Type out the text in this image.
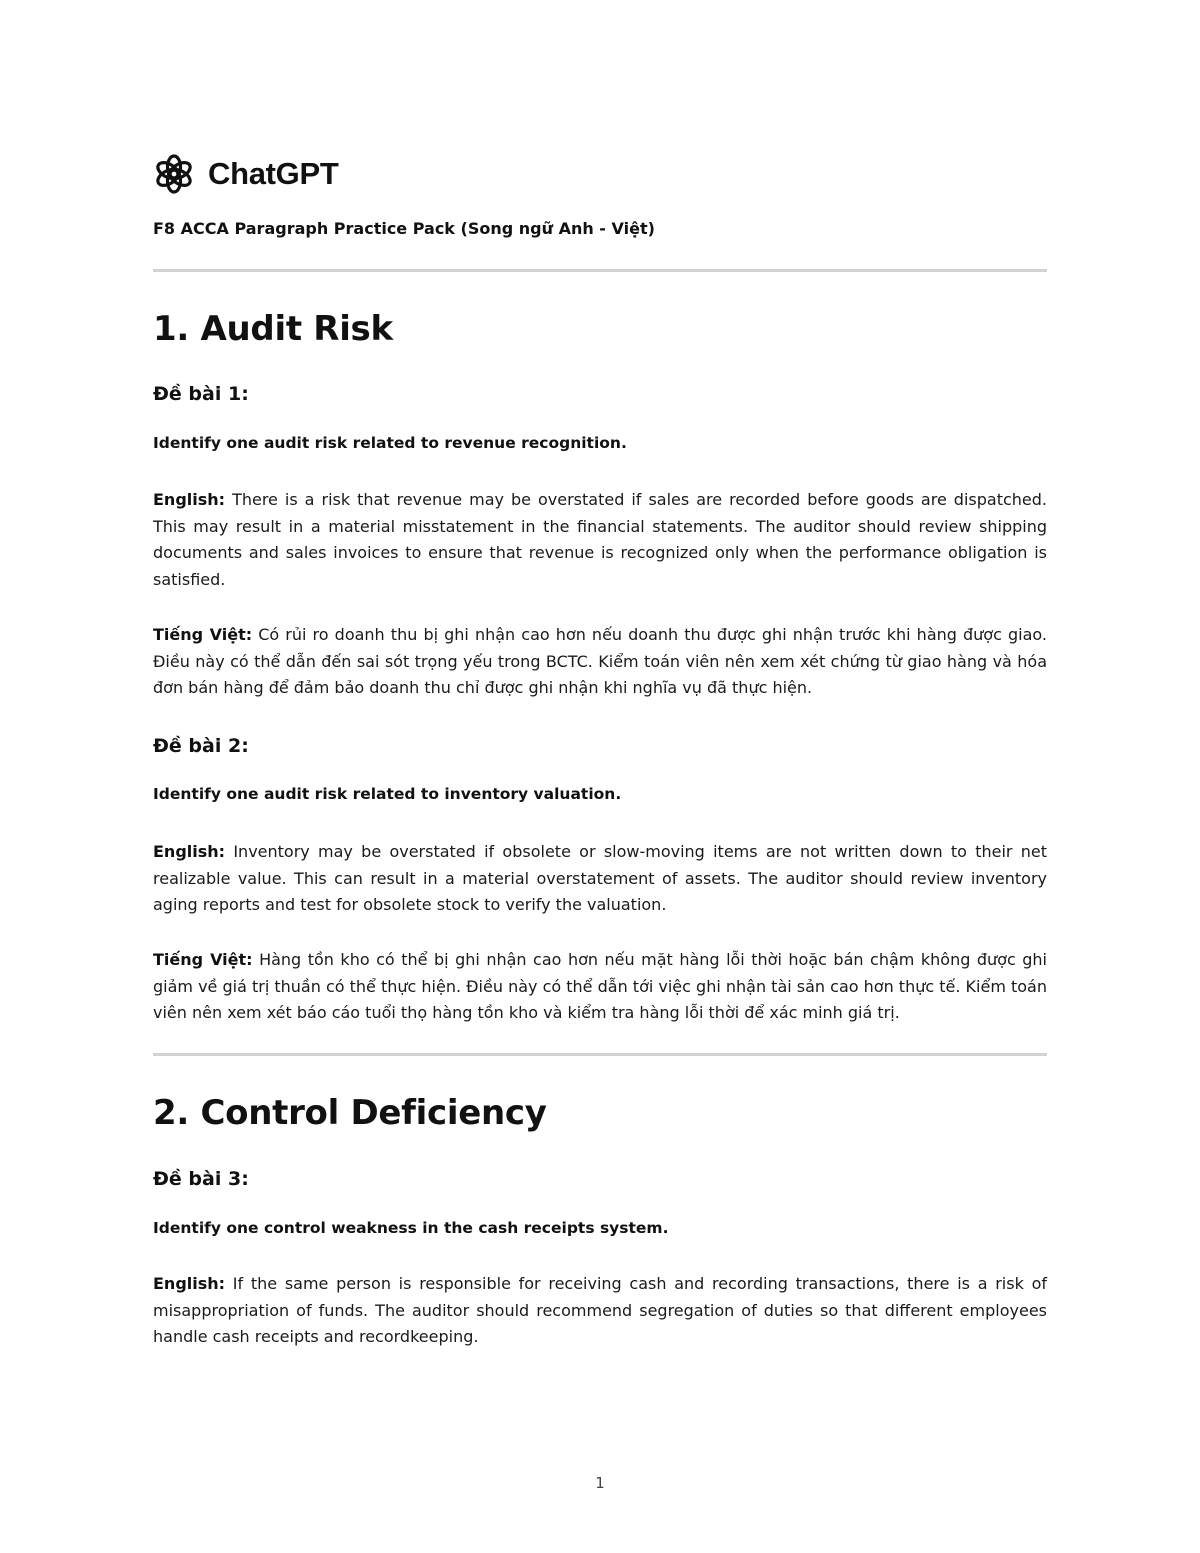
ChatGPT
F8 ACCA Paragraph Practice Pack (Song ngữ Anh - Việt)
1. Audit Risk
Đề bài 1:
Identify one audit risk related to revenue recognition.
English: There is a risk that revenue may be overstated if sales are recorded before goods are dispatched. This may result in a material misstatement in the financial statements. The auditor should review shipping documents and sales invoices to ensure that revenue is recognized only when the performance obligation is satisfied.
Tiếng Việt: Có rủi ro doanh thu bị ghi nhận cao hơn nếu doanh thu được ghi nhận trước khi hàng được giao. Điều này có thể dẫn đến sai sót trọng yếu trong BCTC. Kiểm toán viên nên xem xét chứng từ giao hàng và hóa đơn bán hàng để đảm bảo doanh thu chỉ được ghi nhận khi nghĩa vụ đã thực hiện.
Đề bài 2:
Identify one audit risk related to inventory valuation.
English: Inventory may be overstated if obsolete or slow-moving items are not written down to their net realizable value. This can result in a material overstatement of assets. The auditor should review inventory aging reports and test for obsolete stock to verify the valuation.
Tiếng Việt: Hàng tồn kho có thể bị ghi nhận cao hơn nếu mặt hàng lỗi thời hoặc bán chậm không được ghi giảm về giá trị thuần có thể thực hiện. Điều này có thể dẫn tới việc ghi nhận tài sản cao hơn thực tế. Kiểm toán viên nên xem xét báo cáo tuổi thọ hàng tồn kho và kiểm tra hàng lỗi thời để xác minh giá trị.
2. Control Deficiency
Đề bài 3:
Identify one control weakness in the cash receipts system.
English: If the same person is responsible for receiving cash and recording transactions, there is a risk of misappropriation of funds. The auditor should recommend segregation of duties so that different employees handle cash receipts and recordkeeping.
1
